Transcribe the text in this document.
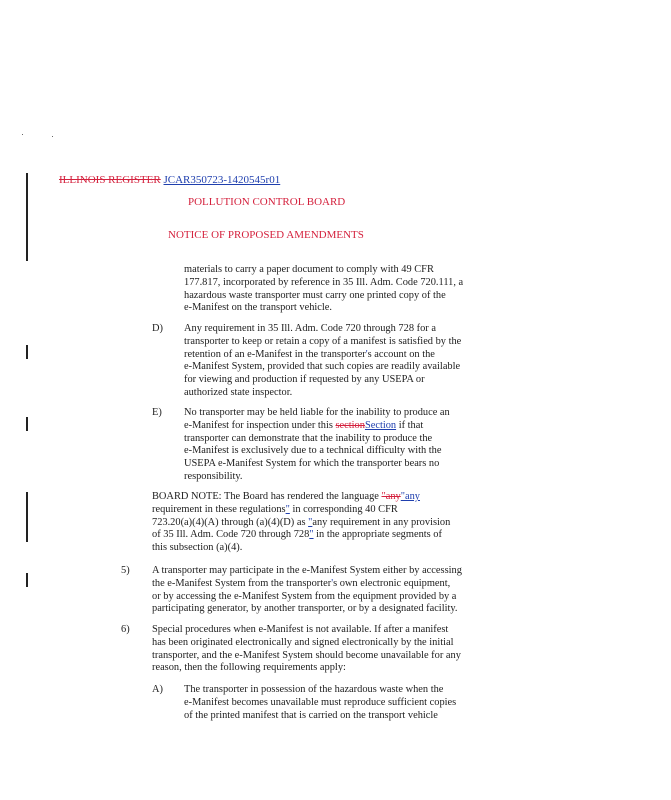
ILLINOIS REGISTER JCAR350723-1420545r01
POLLUTION CONTROL BOARD
NOTICE OF PROPOSED AMENDMENTS
materials to carry a paper document to comply with 49 CFR
177.817, incorporated by reference in 35 Ill. Adm. Code 720.111, a
hazardous waste transporter must carry one printed copy of the
e-Manifest on the transport vehicle.
D) Any requirement in 35 Ill. Adm. Code 720 through 728 for a
transporter to keep or retain a copy of a manifest is satisfied by the
retention of an e-Manifest in the transporter's account on the
e-Manifest System, provided that such copies are readily available
for viewing and production if requested by any USEPA or
authorized state inspector.
E) No transporter may be held liable for the inability to produce an
e-Manifest for inspection under this sectionSection if that
transporter can demonstrate that the inability to produce the
e-Manifest is exclusively due to a technical difficulty with the
USEPA e-Manifest System for which the transporter bears no
responsibility.
BOARD NOTE: The Board has rendered the language "any"any
requirement in these regulations" in corresponding 40 CFR
723.20(a)(4)(A) through (a)(4)(D) as "any requirement in any provision
of 35 Ill. Adm. Code 720 through 728" in the appropriate segments of
this subsection (a)(4).
5) A transporter may participate in the e-Manifest System either by accessing
the e-Manifest System from the transporter's own electronic equipment,
or by accessing the e-Manifest System from the equipment provided by a
participating generator, by another transporter, or by a designated facility.
6) Special procedures when e-Manifest is not available. If after a manifest
has been originated electronically and signed electronically by the initial
transporter, and the e-Manifest System should become unavailable for any
reason, then the following requirements apply:
A) The transporter in possession of the hazardous waste when the
e-Manifest becomes unavailable must reproduce sufficient copies
of the printed manifest that is carried on the transport vehicle
